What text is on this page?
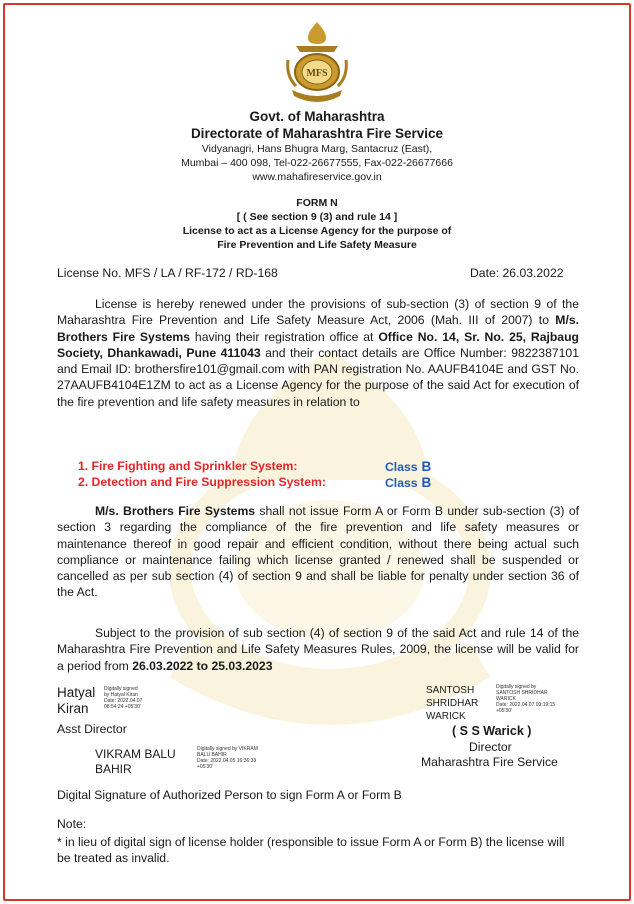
MFS
Govt. of Maharashtra
Directorate of Maharashtra Fire Service
Vidyanagri, Hans Bhugra Marg, Santacruz (East),
Mumbai – 400 098, Tel-022-26677555, Fax-022-26677666
www.mahafireservice.gov.in
FORM N
[ ( See section 9 (3) and rule 14 ]
License to act as a License Agency for the purpose of
Fire Prevention and Life Safety Measure
License No. MFS / LA / RF-172 / RD-168	Date: 26.03.2022
License is hereby renewed under the provisions of sub-section (3) of section 9 of the Maharashtra Fire Prevention and Life Safety Measure Act, 2006 (Mah. III of 2007) to M/s. Brothers Fire Systems having their registration office at Office No. 14, Sr. No. 25, Rajbaug Society, Dhankawadi, Pune 411043 and their contact details are Office Number: 9822387101 and Email ID: brothersfire101@gmail.com with PAN registration No. AAUFB4104E and GST No. 27AAUFB4104E1ZM to act as a License Agency for the purpose of the said Act for execution of the fire prevention and life safety measures in relation to
1. Fire Fighting and Sprinkler System:	Class B
2. Detection and Fire Suppression System:	Class B
M/s. Brothers Fire Systems shall not issue Form A or Form B under sub-section (3) of section 3 regarding the compliance of the fire prevention and life safety measures or maintenance thereof in good repair and efficient condition, without there being actual such compliance or maintenance failing which license granted / renewed shall be suspended or cancelled as per sub section (4) of section 9 and shall be liable for penalty under section 36 of the Act.
Subject to the provision of sub section (4) of section 9 of the said Act and rule 14 of the Maharashtra Fire Prevention and Life Safety Measures Rules, 2009, the license will be valid for a period from 26.03.2022 to 25.03.2023
Hatyal
Kiran
Digitally signed
by Hatyal Kiran
Date: 2022.04.07
08:54:24 +05'30'
Asst Director
VIKRAM BALU
BAHIR
Digitally signed by VIKRAM
BALU BAHIR
Date: 2022.04.05 16:36:33
+05'30'
SANTOSH
SHRIDHAR
WARICK
Digitally signed by
SANTOSH SHRIDHAR
WARICK
Date: 2022.04.07 09:19:15
+05'30'
( S S Warick )
Director
Maharashtra Fire Service
Digital Signature of Authorized Person to sign Form A or Form B
Note:
* in lieu of digital sign of license holder (responsible to issue Form A or Form B) the license will be treated as invalid.
